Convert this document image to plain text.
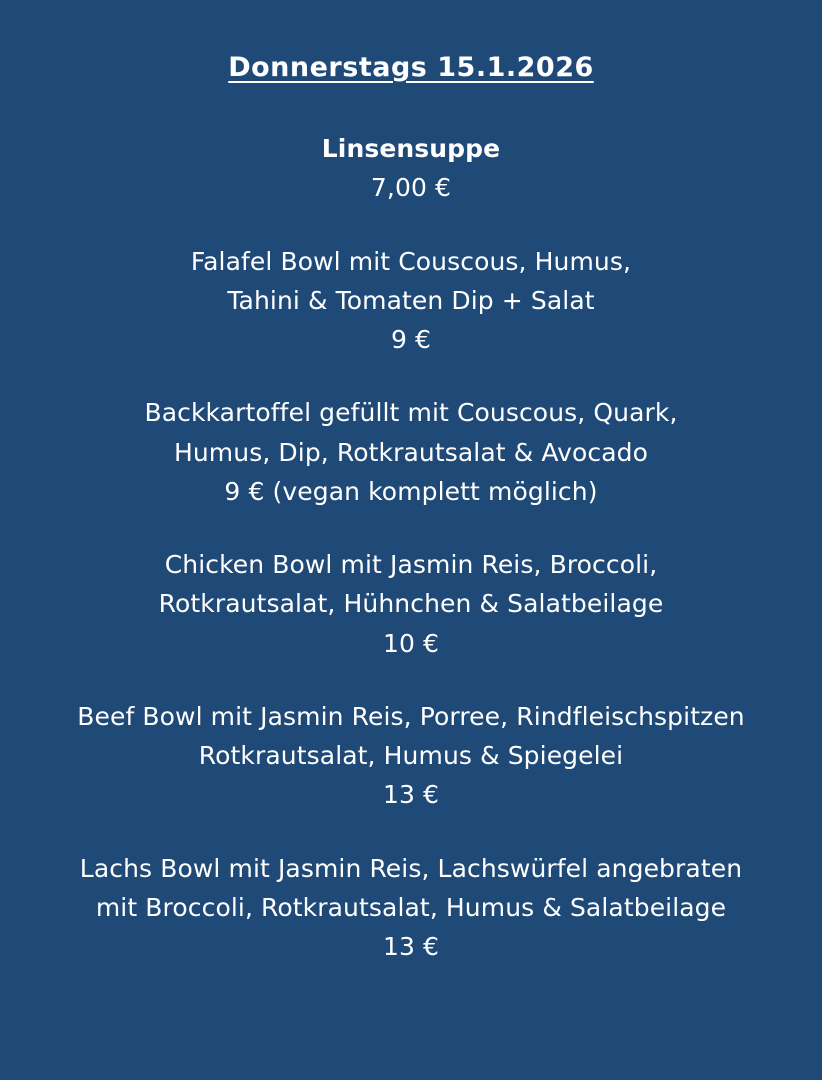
Donnerstags 15.1.2026
Linsensuppe
7,00 €
Falafel Bowl mit Couscous, Humus,
Tahini & Tomaten Dip + Salat
9 €
Backkartoffel gefüllt mit Couscous, Quark,
Humus, Dip, Rotkrautsalat & Avocado
9 € (vegan komplett möglich)
Chicken Bowl mit Jasmin Reis, Broccoli,
Rotkrautsalat, Hühnchen & Salatbeilage
10 €
Beef Bowl mit Jasmin Reis, Porree, Rindfleischspitzen
Rotkrautsalat, Humus & Spiegelei
13 €
Lachs Bowl mit Jasmin Reis, Lachswürfel angebraten
mit Broccoli, Rotkrautsalat, Humus & Salatbeilage
13 €
